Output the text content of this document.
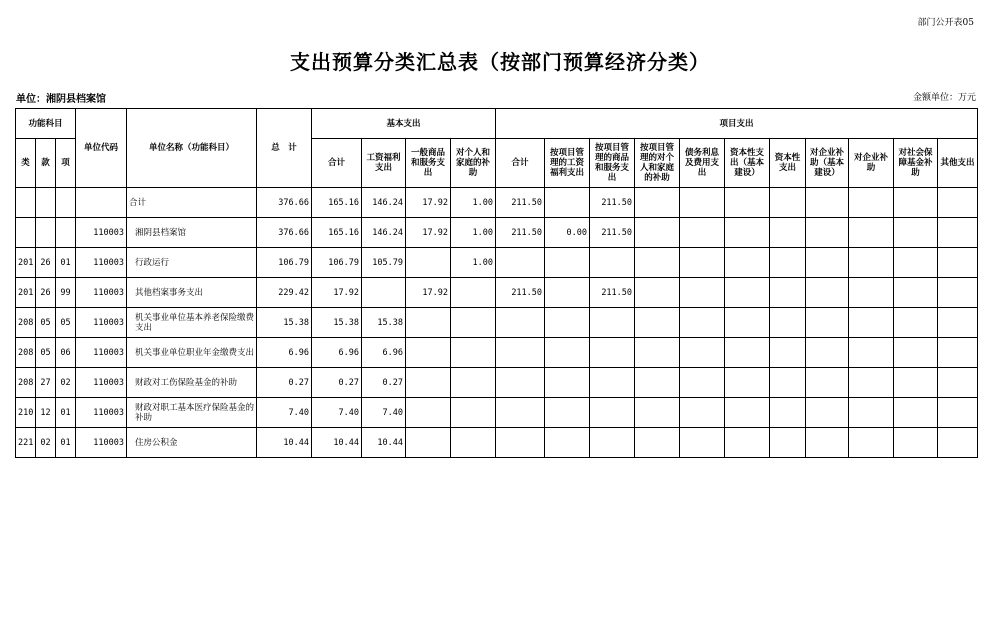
部门公开表05
支出预算分类汇总表（按部门预算经济分类）
单位：湘阴县档案馆	金额单位：万元
功能科目			单位代码	单位名称（功能科目）	总　计	基本支出				项目支出										
类	款	项				合计	工资福利支出	一般商品和服务支出	对个人和家庭的补助	合计	按项目管理的工资福利支出	按项目管理的商品和服务支出	按项目管理的对个人和家庭的补助	债务利息及费用支出	资本性支出（基本建设）	资本性支出	对企业补助（基本建设）	对企业补助	对社会保障基金补助	其他支出
				合计	376.66	165.16	146.24	17.92	1.00	211.50		211.50								
			110003	湘阴县档案馆	376.66	165.16	146.24	17.92	1.00	211.50	0.00	211.50								
201	26	01	110003	行政运行	106.79	106.79	105.79		1.00											
201	26	99	110003	其他档案事务支出	229.42	17.92		17.92		211.50		211.50								
208	05	05	110003	机关事业单位基本养老保险缴费支出	15.38	15.38	15.38													
208	05	06	110003	机关事业单位职业年金缴费支出	6.96	6.96	6.96													
208	27	02	110003	财政对工伤保险基金的补助	0.27	0.27	0.27													
210	12	01	110003	财政对职工基本医疗保险基金的补助	7.40	7.40	7.40													
221	02	01	110003	住房公积金	10.44	10.44	10.44													
